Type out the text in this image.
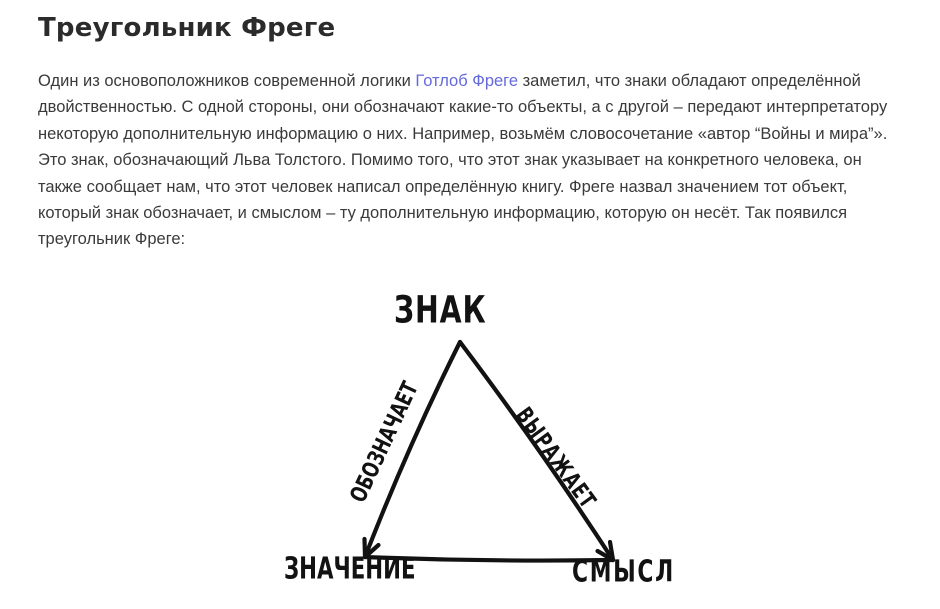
Треугольник Фреге

Один из основоположников современной логики Готлоб Фреге заметил, что знаки обладают определённой двойственностью. С одной стороны, они обозначают какие-то объекты, а с другой – передают интерпретатору некоторую дополнительную информацию о них. Например, возьмём словосочетание «автор “Войны и мира”». Это знак, обозначающий Льва Толстого. Помимо того, что этот знак указывает на конкретного человека, он также сообщает нам, что этот человек написал определённую книгу. Фреге назвал значением тот объект, который знак обозначает, и смыслом – ту дополнительную информацию, которую он несёт. Так появился треугольник Фреге:

ЗНАК
ЗНАЧЕНИЕ	СМЫСЛ
ОБОЗНАЧАЕТ	ВЫРАЖАЕТ
